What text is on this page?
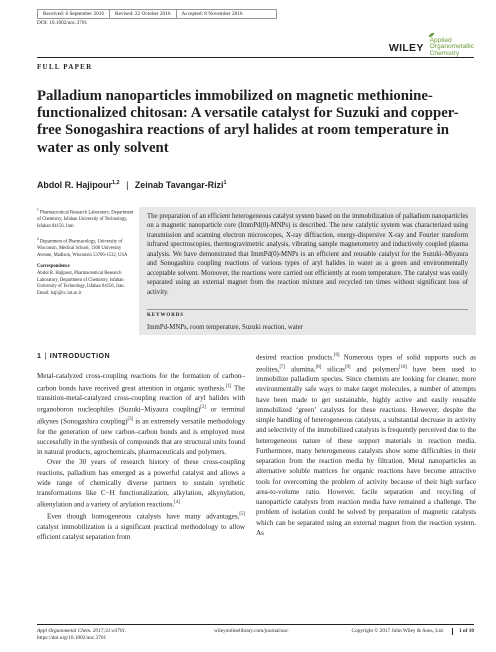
Received: 6 September 2016	Revised: 22 October 2016	Accepted: 8 November 2016
DOI: 10.1002/aoc.3701
WILEY
Applied
Organometallic
Chemistry
FULL PAPER
Palladium nanoparticles immobilized on magnetic methionine-functionalized chitosan: A versatile catalyst for Suzuki and copper-free Sonogashira reactions of aryl halides at room temperature in water as only solvent
Abdol R. Hajipour$^{1,2}$ | Zeinab Tavangar-Rizi$^1$

$^1$ Pharmaceutical Research Laboratory, Department of Chemistry, Isfahan University of Technology, Isfahan 84156, Iran

$^2$ Department of Pharmacology, University of Wisconsin, Medical School, 1300 University Avenue, Madison, Wisconsin 53706-1532, USA

Correspondence

Abdol R. Hajipour, Pharmaceutical Research Laboratory, Department of Chemistry, Isfahan University of Technology, Isfahan 84156, Iran.

Email: haji@cc.iut.ac.ir

The preparation of an efficient heterogeneous catalyst system based on the immobilization of palladium nanoparticles on a magnetic nanoparticle core (ImmPd(0)-MNPs) is described. The new catalytic system was characterized using transmission and scanning electron microscopes, X-ray diffraction, energy-dispersive X-ray and Fourier transform infrared spectroscopies, thermogravimetric analysis, vibrating sample magnetometry and inductively coupled plasma analysis. We have demonstrated that ImmPd(0)-MNPs is an efficient and reusable catalyst for the Suzuki–Miyaura and Sonogashira coupling reactions of various types of aryl halides in water as a green and environmentally acceptable solvent. Moreover, the reactions were carried out efficiently at room temperature. The catalyst was easily separated using an external magnet from the reaction mixture and recycled ten times without significant loss of activity.

KEYWORDS
ImmPd-MNPs, room temperature, Suzuki reaction, water
1 | INTRODUCTION

Metal-catalyzed cross-coupling reactions for the formation of carbon–carbon bonds have received great attention in organic synthesis.[1] The transition-metal-catalyzed cross-coupling reaction of aryl halides with organoboron nucleophiles (Suzuki–Miyaura coupling)[2] or terminal alkynes (Sonogashira coupling)[3] is an extremely versatile methodology for the generation of new carbon–carbon bonds and is employed most successfully in the synthesis of compounds that are structural units found in natural products, agrochemicals, pharmaceuticals and polymers.

Over the 30 years of research history of these cross-coupling reactions, palladium has emerged as a powerful catalyst and allows a wide range of chemically diverse partners to sustain synthetic transformations like C−H functionalization, alkylation, alkynylation, alkenylation and a variety of arylation reactions.[4]

Even though homogeneous catalysts have many advantages,[5] catalyst immobilization is a significant practical methodology to allow efficient catalyst separation from

desired reaction products.[6] Numerous types of solid supports such as zeolites,[7] alumina,[8] silicas[9] and polymers[10] have been used to immobilize palladium species. Since chemists are looking for cleaner, more environmentally safe ways to make target molecules, a number of attempts have been made to get sustainable, highly active and easily reusable immobilized ‘green’ catalysts for these reactions. However, despite the simple handling of heterogeneous catalysts, a substantial decrease in activity and selectivity of the immobilized catalysts is frequently perceived due to the heterogeneous nature of these support materials in reaction media. Furthermore, many heterogeneous catalysts show some difficulties in their separation from the reaction media by filtration. Metal nanoparticles as alternative soluble matrices for organic reactions have become attractive tools for overcoming the problem of activity because of their high surface area-to-volume ratio. However, facile separation and recycling of nanoparticle catalysts from reaction media have remained a challenge. The problem of isolation could be solved by preparation of magnetic catalysts which can be separated using an external magnet from the reaction system. As

Appl Organometal Chem. 2017;31:e3701.
https://doi.org/10.1002/aoc.3701
wileyonlinelibrary.com/journal/aoc	Copyright © 2017 John Wiley & Sons, Ltd.	1 of 10
